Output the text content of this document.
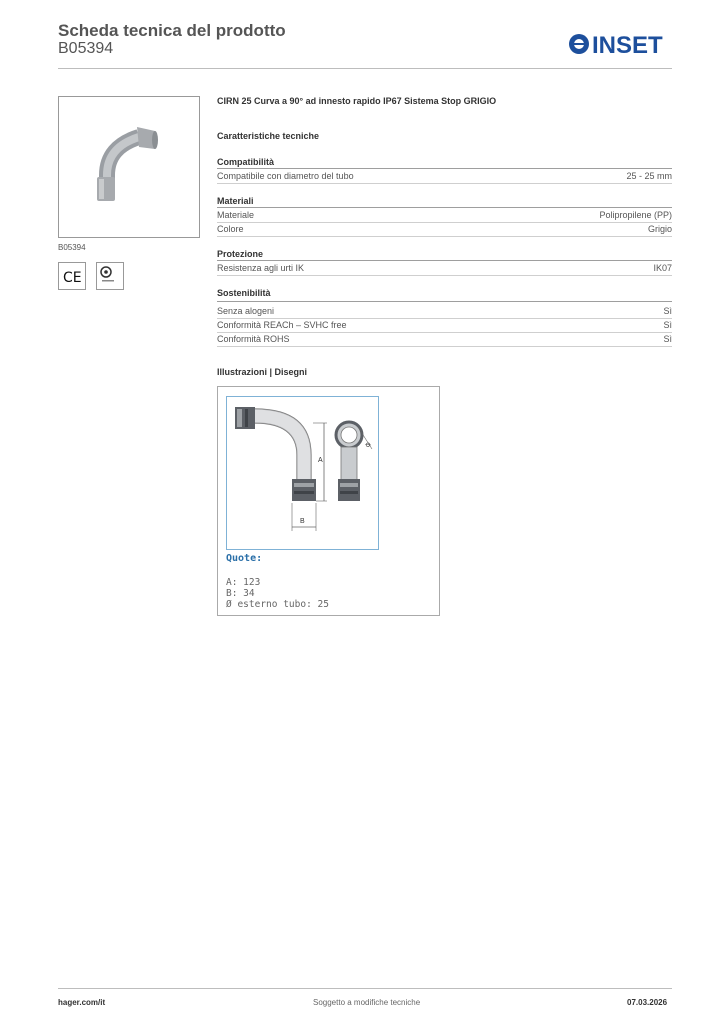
Scheda tecnica del prodotto
B05394	INSET
B05394
CE
CIRN 25 Curva a 90° ad innesto rapido IP67 Sistema Stop GRIGIO
Caratteristiche tecniche
Compatibilità
Compatibile con diametro del tubo	25 - 25 mm
Materiali
Materiale	Polipropilene (PP)
Colore	Grigio
Protezione
Resistenza agli urti IK	IK07
Sostenibilità
Senza alogeni	Sì
Conformità REACh – SVHC free	Sì
Conformità ROHS	Sì
Illustrazioni | Disegni
A
B
Ø
Quote:
A: 123
B: 34
Ø esterno tubo: 25
hager.com/it	Soggetto a modifiche tecniche	07.03.2026
